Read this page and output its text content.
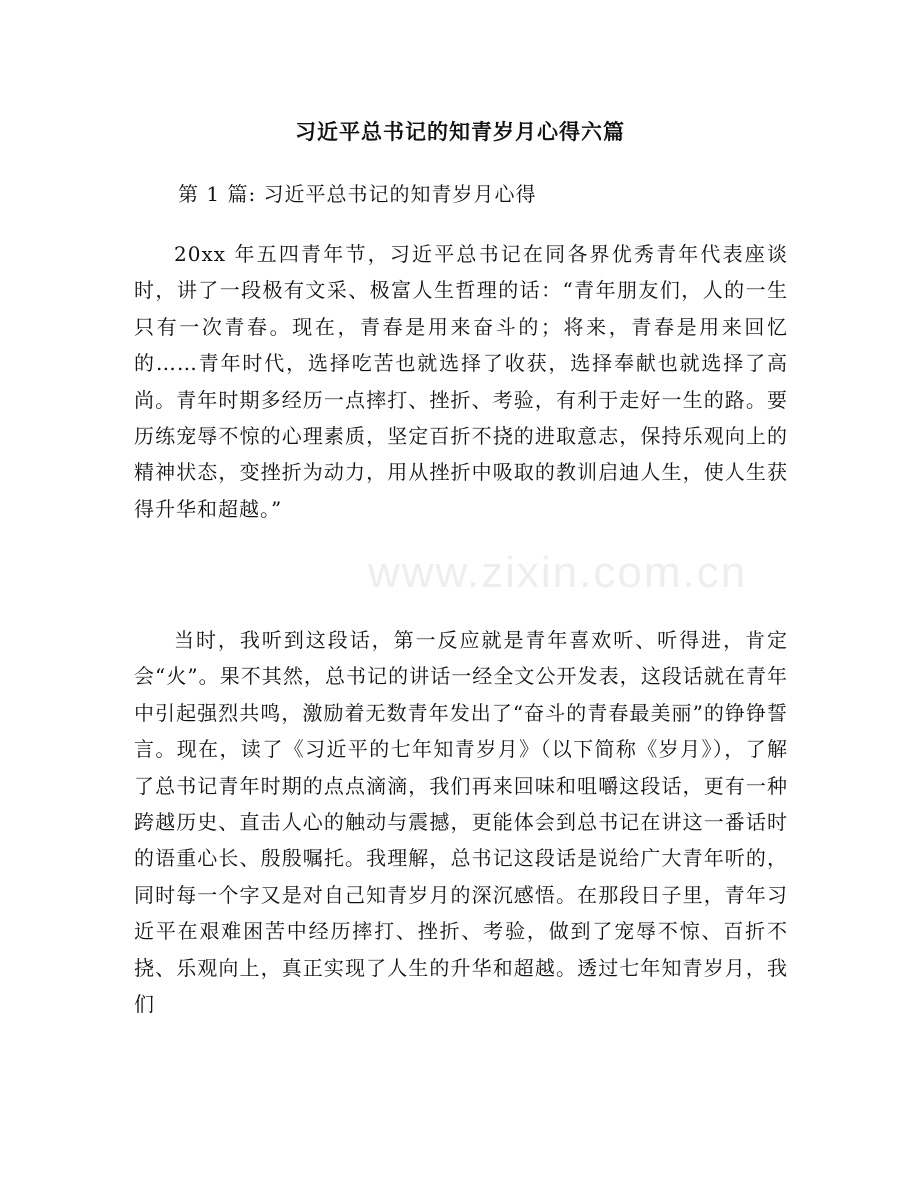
习近平总书记的知青岁月心得六篇
第 1 篇: 习近平总书记的知青岁月心得

20xx 年五四青年节，习近平总书记在同各界优秀青年代表座谈时，讲了一段极有文采、极富人生哲理的话：“青年朋友们，人的一生只有一次青春。现在，青春是用来奋斗的；将来，青春是用来回忆的……青年时代，选择吃苦也就选择了收获，选择奉献也就选择了高尚。青年时期多经历一点摔打、挫折、考验，有利于走好一生的路。要历练宠辱不惊的心理素质，坚定百折不挠的进取意志，保持乐观向上的精神状态，变挫折为动力，用从挫折中吸取的教训启迪人生，使人生获得升华和超越。”

当时，我听到这段话，第一反应就是青年喜欢听、听得进，肯定会“火”。果不其然，总书记的讲话一经全文公开发表，这段话就在青年中引起强烈共鸣，激励着无数青年发出了“奋斗的青春最美丽”的铮铮誓言。现在，读了《习近平的七年知青岁月》（以下简称《岁月》），了解了总书记青年时期的点点滴滴，我们再来回味和咀嚼这段话，更有一种跨越历史、直击人心的触动与震撼，更能体会到总书记在讲这一番话时的语重心长、殷殷嘱托。我理解，总书记这段话是说给广大青年听的，同时每一个字又是对自己知青岁月的深沉感悟。在那段日子里，青年习近平在艰难困苦中经历摔打、挫折、考验，做到了宠辱不惊、百折不挠、乐观向上，真正实现了人生的升华和超越。透过七年知青岁月，我们

www.zixin.com.cn
